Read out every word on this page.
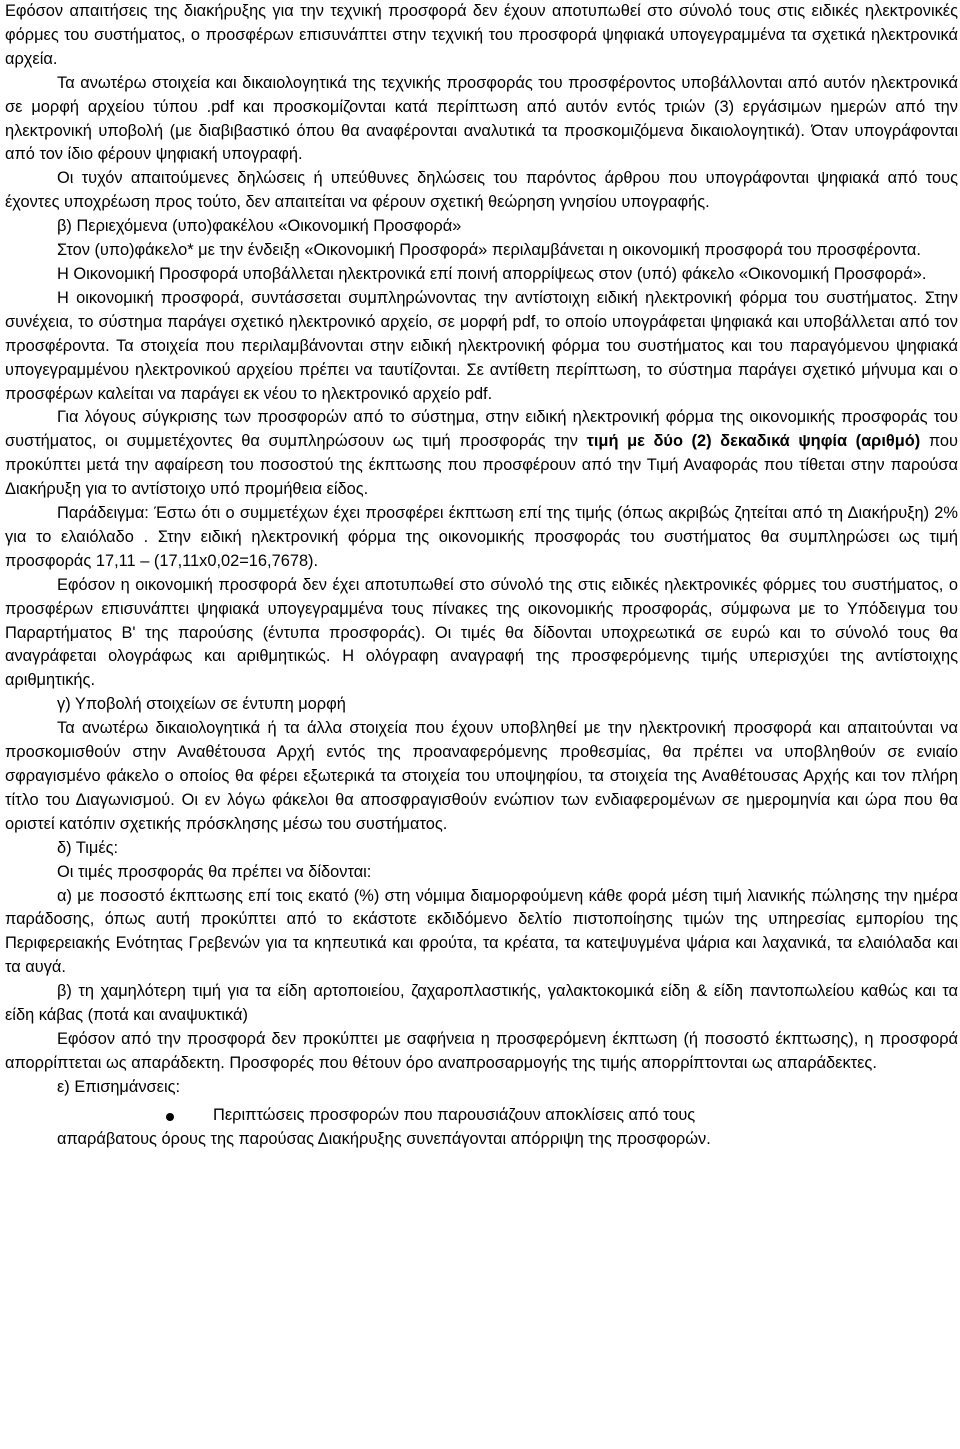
Εφόσον απαιτήσεις της διακήρυξης για την τεχνική προσφορά δεν έχουν αποτυπωθεί στο σύνολό τους στις ειδικές ηλεκτρονικές φόρμες του συστήματος, ο προσφέρων επισυνάπτει στην τεχνική του προσφορά ψηφιακά υπογεγραμμένα τα σχετικά ηλεκτρονικά αρχεία.

Τα ανωτέρω στοιχεία και δικαιολογητικά της τεχνικής προσφοράς του προσφέροντος υποβάλλονται από αυτόν ηλεκτρονικά σε μορφή αρχείου τύπου .pdf και προσκομίζονται κατά περίπτωση από αυτόν εντός τριών (3) εργάσιμων ημερών από την ηλεκτρονική υποβολή (με διαβιβαστικό όπου θα αναφέρονται αναλυτικά τα προσκομιζόμενα δικαιολογητικά). Όταν υπογράφονται από τον ίδιο φέρουν ψηφιακή υπογραφή.

Οι τυχόν απαιτούμενες δηλώσεις ή υπεύθυνες δηλώσεις του παρόντος άρθρου που υπογράφονται ψηφιακά από τους έχοντες υποχρέωση προς τούτο, δεν απαιτείται να φέρουν σχετική θεώρηση γνησίου υπογραφής.

β) Περιεχόμενα (υπο)φακέλου «Οικονομική Προσφορά»

Στον (υπο)φάκελο* με την ένδειξη «Οικονομική Προσφορά» περιλαμβάνεται η οικονομική προσφορά του προσφέροντα.

Η Οικονομική Προσφορά υποβάλλεται ηλεκτρονικά επί ποινή απορρίψεως στον (υπό) φάκελο «Οικονομική Προσφορά».

Η οικονομική προσφορά, συντάσσεται συμπληρώνοντας την αντίστοιχη ειδική ηλεκτρονική φόρμα του συστήματος. Στην συνέχεια, το σύστημα παράγει σχετικό ηλεκτρονικό αρχείο, σε μορφή pdf, το οποίο υπογράφεται ψηφιακά και υποβάλλεται από τον προσφέροντα. Τα στοιχεία που περιλαμβάνονται στην ειδική ηλεκτρονική φόρμα του συστήματος και του παραγόμενου ψηφιακά υπογεγραμμένου ηλεκτρονικού αρχείου πρέπει να ταυτίζονται. Σε αντίθετη περίπτωση, το σύστημα παράγει σχετικό μήνυμα και ο προσφέρων καλείται να παράγει εκ νέου το ηλεκτρονικό αρχείο pdf.

Για λόγους σύγκρισης των προσφορών από το σύστημα, στην ειδική ηλεκτρονική φόρμα της οικονομικής προσφοράς του συστήματος, οι συμμετέχοντες θα συμπληρώσουν ως τιμή προσφοράς την τιμή με δύο (2) δεκαδικά ψηφία (αριθμό) που προκύπτει μετά την αφαίρεση του ποσοστού της έκπτωσης που προσφέρουν από την Τιμή Αναφοράς που τίθεται στην παρούσα Διακήρυξη για το αντίστοιχο υπό προμήθεια είδος.

Παράδειγμα: Έστω ότι ο συμμετέχων έχει προσφέρει έκπτωση επί της τιμής (όπως ακριβώς ζητείται από τη Διακήρυξη) 2% για το ελαιόλαδο . Στην ειδική ηλεκτρονική φόρμα της οικονομικής προσφοράς του συστήματος θα συμπληρώσει ως τιμή προσφοράς 17,11 – (17,11x0,02=16,7678).

Εφόσον η οικονομική προσφορά δεν έχει αποτυπωθεί στο σύνολό της στις ειδικές ηλεκτρονικές φόρμες του συστήματος, ο προσφέρων επισυνάπτει ψηφιακά υπογεγραμμένα τους πίνακες της οικονομικής προσφοράς, σύμφωνα με το Υπόδειγμα του Παραρτήματος Β' της παρούσης (έντυπα προσφοράς). Οι τιμές θα δίδονται υποχρεωτικά σε ευρώ και το σύνολό τους θα αναγράφεται ολογράφως και αριθμητικώς. Η ολόγραφη αναγραφή της προσφερόμενης τιμής υπερισχύει της αντίστοιχης αριθμητικής.

γ) Υποβολή στοιχείων σε έντυπη μορφή

Τα ανωτέρω δικαιολογητικά ή τα άλλα στοιχεία που έχουν υποβληθεί με την ηλεκτρονική προσφορά και απαιτούνται να προσκομισθούν στην Αναθέτουσα Αρχή εντός της προαναφερόμενης προθεσμίας, θα πρέπει να υποβληθούν σε ενιαίο σφραγισμένο φάκελο ο οποίος θα φέρει εξωτερικά τα στοιχεία του υποψηφίου, τα στοιχεία της Αναθέτουσας Αρχής και τον πλήρη τίτλο του Διαγωνισμού. Οι εν λόγω φάκελοι θα αποσφραγισθούν ενώπιον των ενδιαφερομένων σε ημερομηνία και ώρα που θα οριστεί κατόπιν σχετικής πρόσκλησης μέσω του συστήματος.

δ) Τιμές:

Οι τιμές προσφοράς θα πρέπει να δίδονται:

α) με ποσοστό έκπτωσης επί τοις εκατό (%) στη νόμιμα διαμορφούμενη κάθε φορά μέση τιμή λιανικής πώλησης την ημέρα παράδοσης, όπως αυτή προκύπτει από το εκάστοτε εκδιδόμενο δελτίο πιστοποίησης τιμών της υπηρεσίας εμπορίου της Περιφερειακής Ενότητας Γρεβενών για τα κηπευτικά και φρούτα, τα κρέατα, τα κατεψυγμένα ψάρια και λαχανικά, τα ελαιόλαδα και τα αυγά.

β) τη χαμηλότερη τιμή για τα είδη αρτοποιείου, ζαχαροπλαστικής, γαλακτοκομικά είδη & είδη παντοπωλείου καθώς και τα είδη κάβας (ποτά και αναψυκτικά)

Εφόσον από την προσφορά δεν προκύπτει με σαφήνεια η προσφερόμενη έκπτωση (ή ποσοστό έκπτωσης), η προσφορά απορρίπτεται ως απαράδεκτη. Προσφορές που θέτουν όρο αναπροσαρμογής της τιμής απορρίπτονται ως απαράδεκτες.

ε) Επισημάνσεις:

Περιπτώσεις προσφορών που παρουσιάζουν αποκλίσεις από τους

απαράβατους όρους της παρούσας Διακήρυξης συνεπάγονται απόρριψη της προσφορών.
